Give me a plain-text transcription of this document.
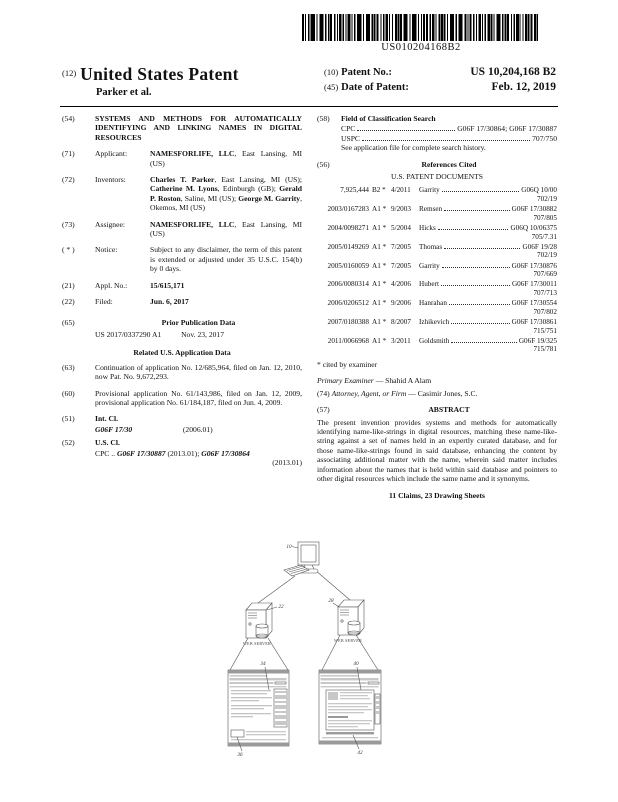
US010204168B2
$^{(12)}$ United States Patent
Parker et al.
(10) Patent No.:	US 10,204,168 B2
(45) Date of Patent:	Feb. 12, 2019
(54)	SYSTEMS AND METHODS FOR AUTOMATICALLY IDENTIFYING AND LINKING NAMES IN DIGITAL RESOURCES
(71)	Applicant:	NAMESFORLIFE, LLC, East Lansing, MI (US)
(72)	Inventors:	Charles T. Parker, East Lansing, MI (US); Catherine M. Lyons, Edinburgh (GB); Gerald P. Roston, Saline, MI (US); George M. Garrity, Okemos, MI (US)
(73)	Assignee:	NAMESFORLIFE, LLC, East Lansing, MI (US)
( * )	Notice:	Subject to any disclaimer, the term of this patent is extended or adjusted under 35 U.S.C. 154(b) by 0 days.
(21)	Appl. No.:	15/615,171
(22)	Filed:	Jun. 6, 2017
(65)	Prior Publication Data
US 2017/0337290 A1	Nov. 23, 2017
Related U.S. Application Data
(63)	Continuation of application No. 12/685,964, filed on Jan. 12, 2010, now Pat. No. 9,672,293.
(60)	Provisional application No. 61/143,986, filed on Jan. 12, 2009, provisional application No. 61/184,187, filed on Jun. 4, 2009.
(51)	Int. Cl.
G06F 17/30	(2006.01)
(52)	U.S. Cl.
CPC .. G06F 17/30887 (2013.01); G06F 17/30864
(2013.01)
(58)	Field of Classification Search
CPC	G06F 17/30864; G06F 17/30887
USPC	707/750
See application file for complete search history.
(56)	References Cited
U.S. PATENT DOCUMENTS
7,925,444 B2 * 4/2011	Garrity	G06Q 10/00
702/19
2003/0167283 A1 * 9/2003	Remsen	G06F 17/30882
707/805
2004/0098271 A1 * 5/2004	Hicks	G06Q 10/06375
705/7.31
2005/0149269 A1 * 7/2005	Thomas	G06F 19/28
702/19
2005/0160059 A1 * 7/2005	Garrity	G06F 17/30876
707/669
2006/0080314 A1 * 4/2006	Hubert	G06F 17/30011
707/713
2006/0206512 A1 * 9/2006	Hanrahan	G06F 17/30554
707/802
2007/0180388 A1 * 8/2007	Izhikevich	G06F 17/30861
715/751
2011/0066968 A1 * 3/2011	Goldsmith	G06F 19/325
715/781
* cited by examiner
Primary Examiner — Shahid A Alam
(74) Attorney, Agent, or Firm — Casimir Jones, S.C.
(57)	ABSTRACT
The present invention provides systems and methods for automatically identifying name-like-strings in digital resources, matching these name-like-string against a set of names held in an expertly curated database, and for those name-like-strings found in said database, enhancing the content by associating additional matter with the name, wherein said matter includes information about the names that is held within said database and pointers to other digital resources which include the same name and it synonyms.
11 Claims, 23 Drawing Sheets
10
22
WEB SERVER
28
WEB SERVER
34
36
40
42
